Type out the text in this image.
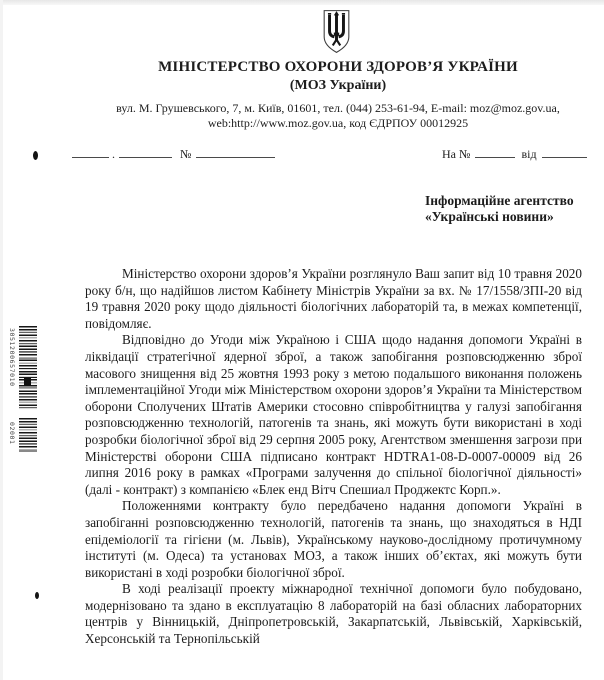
МІНІСТЕРСТВО ОХОРОНИ ЗДОРОВ’Я УКРАЇНИ
(МОЗ України)

вул. М. Грушевського, 7, м. Київ, 01601, тел. (044) 253-61-94, E-mail: moz@moz.gov.ua,

web:http://www.moz.gov.ua, код ЄДРПОУ 00012925

.	№	На №	від
Інформаційне агентство
«Українські новини»

Міністерство охорони здоров’я України розглянуло Ваш запит від 10 травня 2020 року б/н, що надійшов листом Кабінету Міністрів України за вх. № 17/1558/ЗПІ-20 від 19 травня 2020 року щодо діяльності біологічних лабораторій та, в межах компетенції, повідомляє.

Відповідно до Угоди між Україною і США щодо надання допомоги Україні в ліквідації стратегічної ядерної зброї, а також запобігання розповсюдженню зброї масового знищення від 25 жовтня 1993 року з метою подальшого виконання положень імплементаційної Угоди між Міністерством охорони здоров’я України та Міністерством оборони Сполучених Штатів Америки стосовно співробітництва у галузі запобігання розповсюдженню технологій, патогенів та знань, які можуть бути використані в ході розробки біологічної зброї від 29 серпня 2005 року, Агентством зменшення загрози при Міністерстві оборони США підписано контракт HDTRA1-08-D-0007-00009 від 26 липня 2016 року в рамках «Програми залучення до спільної біологічної діяльності» (далі - контракт) з компанією «Блек енд Вітч Спешиал Проджектс Корп.».

Положеннями контракту було передбачено надання допомоги Україні в запобіганні розповсюдженню технологій, патогенів та знань, що знаходяться в НДІ епідеміології та гігієни (м. Львів), Українському науково-дослідному протичумному інституті (м. Одеса) та установах МОЗ, а також інших об’єктах, які можуть бути використані в ході розробки біологічної зброї.

В ході реалізації проекту міжнародної технічної допомоги було побудовано, модернізовано та здано в експлуатацію 8 лабораторій на базі обласних лабораторних центрів у Вінницькій, Дніпропетровській, Закарпатській, Львівській, Харківській, Херсонській та Тернопільській

3051200657010
02001
